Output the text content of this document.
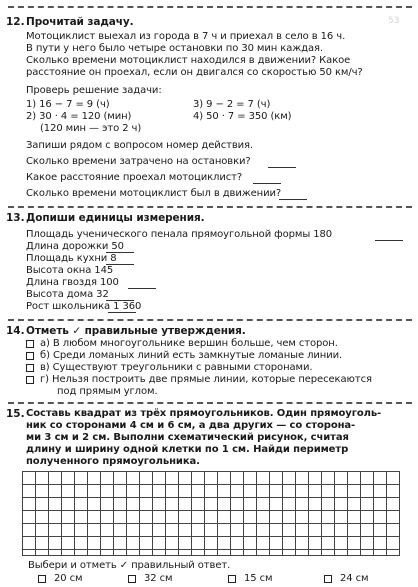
53
12. Прочитай задачу.
Мотоциклист выехал из города в 7 ч и приехал в село в 16 ч.
В пути у него было четыре остановки по 30 мин каждая.
Сколько времени мотоциклист находился в движении? Какое
расстояние он проехал, если он двигался со скоростью 50 км/ч?
Проверь решение задачи:
1) 16 − 7 = 9 (ч)
2) 30 · 4 = 120 (мин)
(120 мин — это 2 ч)
3) 9 − 2 = 7 (ч)
4) 50 · 7 = 350 (км)
Запиши рядом с вопросом номер действия.
Сколько времени затрачено на остановки?
Какое расстояние проехал мотоциклист?
Сколько времени мотоциклист был в движении?
13. Допиши единицы измерения.
Площадь ученического пенала прямоугольной формы 180
Длина дорожки 50
Площадь кухни 8
Высота окна 145
Длина гвоздя 100
Высота дома 32
Рост школьника 1 360
14. Отметь ✓ правильные утверждения.
а) В любом многоугольнике вершин больше, чем сторон.
б) Среди ломаных линий есть замкнутые ломаные линии.
в) Существуют треугольники с равными сторонами.
г) Нельзя построить две прямые линии, которые пересекаются
под прямым углом.
15. Составь квадрат из трёх прямоугольников. Один прямоуголь-
ник со сторонами 4 см и 6 см, а два других — со сторона-
ми 3 см и 2 см. Выполни схематический рисунок, считая
длину и ширину одной клетки по 1 см. Найди периметр
полученного прямоугольника.
Выбери и отметь ✓ правильный ответ.
20 см	32 см	15 см	24 см
